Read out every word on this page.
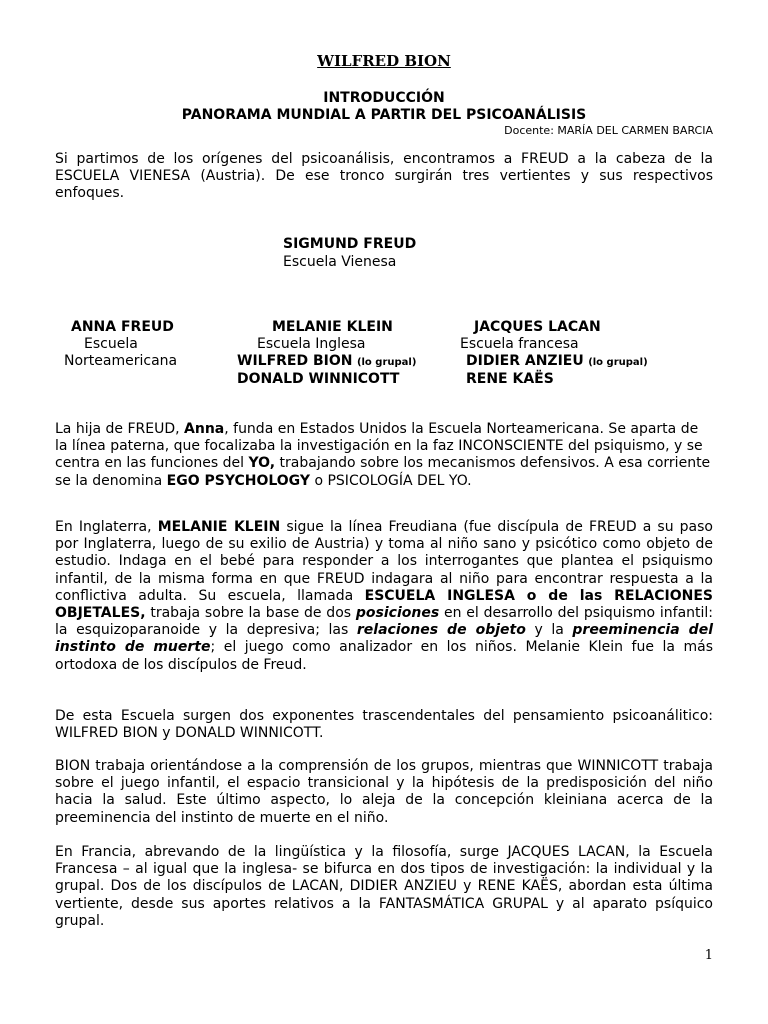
WILFRED BION
INTRODUCCIÓN
PANORAMA MUNDIAL A PARTIR DEL PSICOANÁLISIS
Docente: MARÍA DEL CARMEN BARCIA

Si partimos de los orígenes del psicoanálisis, encontramos a FREUD a la cabeza de la ESCUELA VIENESA (Austria). De ese tronco surgirán tres vertientes y sus respectivos enfoques.

SIGMUND FREUD
Escuela Vienesa
ANNA FREUD
Escuela
Norteamericana
MELANIE KLEIN
Escuela Inglesa
WILFRED BION (lo grupal)
DONALD WINNICOTT
JACQUES LACAN
Escuela francesa
DIDIER ANZIEU (lo grupal)
RENE KAËS

La hija de FREUD, Anna, funda en Estados Unidos la Escuela Norteamericana. Se aparta de la línea paterna, que focalizaba la investigación en la faz INCONSCIENTE del psiquismo, y se centra en las funciones del YO, trabajando sobre los mecanismos defensivos. A esa corriente se la denomina EGO PSYCHOLOGY o PSICOLOGÍA DEL YO.

En Inglaterra, MELANIE KLEIN sigue la línea Freudiana (fue discípula de FREUD a su paso por Inglaterra, luego de su exilio de Austria) y toma al niño sano y psicótico como objeto de estudio. Indaga en el bebé para responder a los interrogantes que plantea el psiquismo infantil, de la misma forma en que FREUD indagara al niño para encontrar respuesta a la conflictiva adulta. Su escuela, llamada ESCUELA INGLESA o de las RELACIONES OBJETALES, trabaja sobre la base de dos posiciones en el desarrollo del psiquismo infantil: la esquizoparanoide y la depresiva; las relaciones de objeto y la preeminencia del instinto de muerte; el juego como analizador en los niños. Melanie Klein fue la más ortodoxa de los discípulos de Freud.

De esta Escuela surgen dos exponentes trascendentales del pensamiento psicoanálitico: WILFRED BION y DONALD WINNICOTT.

BION trabaja orientándose a la comprensión de los grupos, mientras que WINNICOTT trabaja sobre el juego infantil, el espacio transicional y la hipótesis de la predisposición del niño hacia la salud. Este último aspecto, lo aleja de la concepción kleiniana acerca de la preeminencia del instinto de muerte en el niño.

En Francia, abrevando de la lingüística y la filosofía, surge JACQUES LACAN, la Escuela Francesa – al igual que la inglesa- se bifurca en dos tipos de investigación: la individual y la grupal. Dos de los discípulos de LACAN, DIDIER ANZIEU y RENE KAËS, abordan esta última vertiente, desde sus aportes relativos a la FANTASMÁTICA GRUPAL y al aparato psíquico grupal.

1
